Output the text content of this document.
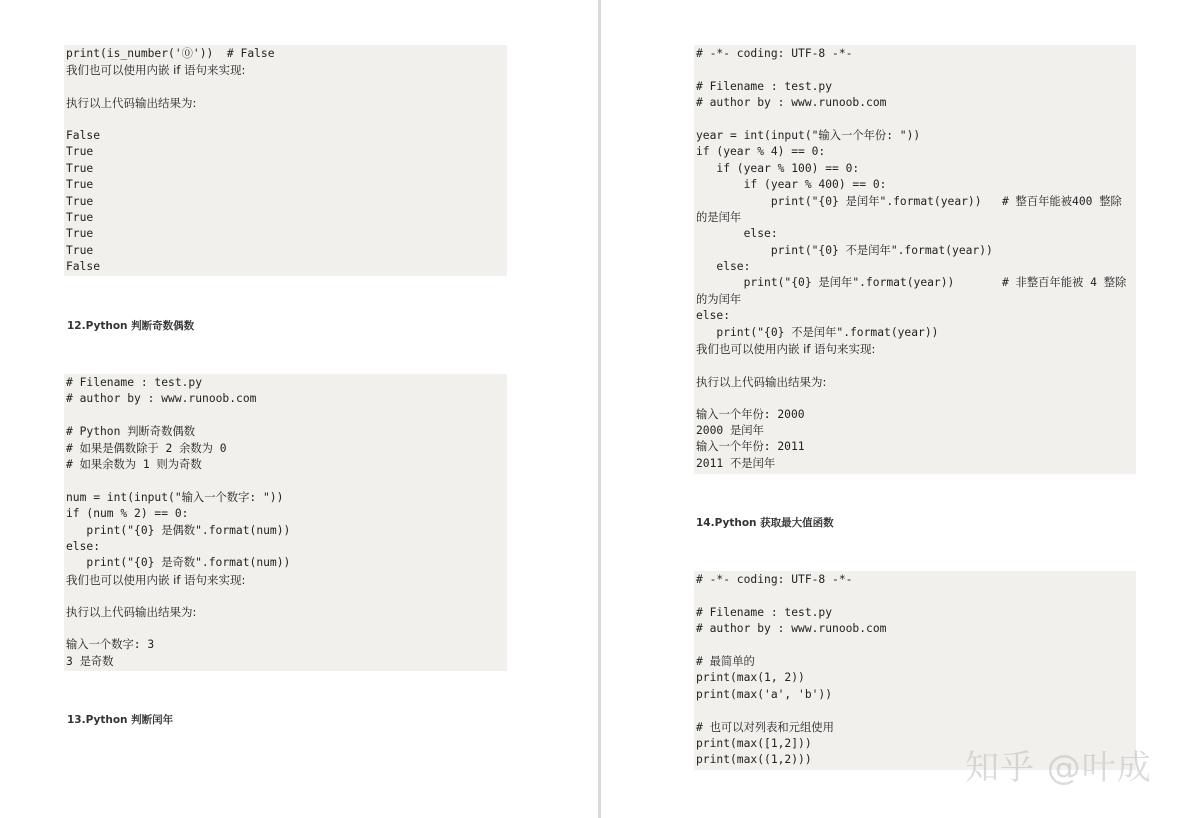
print(is_number('⓪'))  # False
我们也可以使用内嵌 if 语句来实现:
执行以上代码输出结果为:
False
True
True
True
True
True
True
True
False
12.Python 判断奇数偶数
# Filename : test.py
# author by : www.runoob.com
# Python 判断奇数偶数
# 如果是偶数除于 2 余数为 0
# 如果余数为 1 则为奇数
num = int(input("输入一个数字: "))
if (num % 2) == 0:
print("{0} 是偶数".format(num))
else:
print("{0} 是奇数".format(num))
我们也可以使用内嵌 if 语句来实现:
执行以上代码输出结果为:
输入一个数字: 3
3 是奇数
13.Python 判断闰年
# -*- coding: UTF-8 -*-
# Filename : test.py
# author by : www.runoob.com
year = int(input("输入一个年份: "))
if (year % 4) == 0:
if (year % 100) == 0:
if (year % 400) == 0:
print("{0} 是闰年".format(year))   # 整百年能被400 整除
的是闰年
else:
print("{0} 不是闰年".format(year))
else:
print("{0} 是闰年".format(year))       # 非整百年能被 4 整除
的为闰年
else:
print("{0} 不是闰年".format(year))
我们也可以使用内嵌 if 语句来实现:
执行以上代码输出结果为:
输入一个年份: 2000
2000 是闰年
输入一个年份: 2011
2011 不是闰年
14.Python 获取最大值函数
# -*- coding: UTF-8 -*-
# Filename : test.py
# author by : www.runoob.com
# 最简单的
print(max(1, 2))
print(max('a', 'b'))
# 也可以对列表和元组使用
print(max([1,2]))
print(max((1,2)))	知乎 @叶成
